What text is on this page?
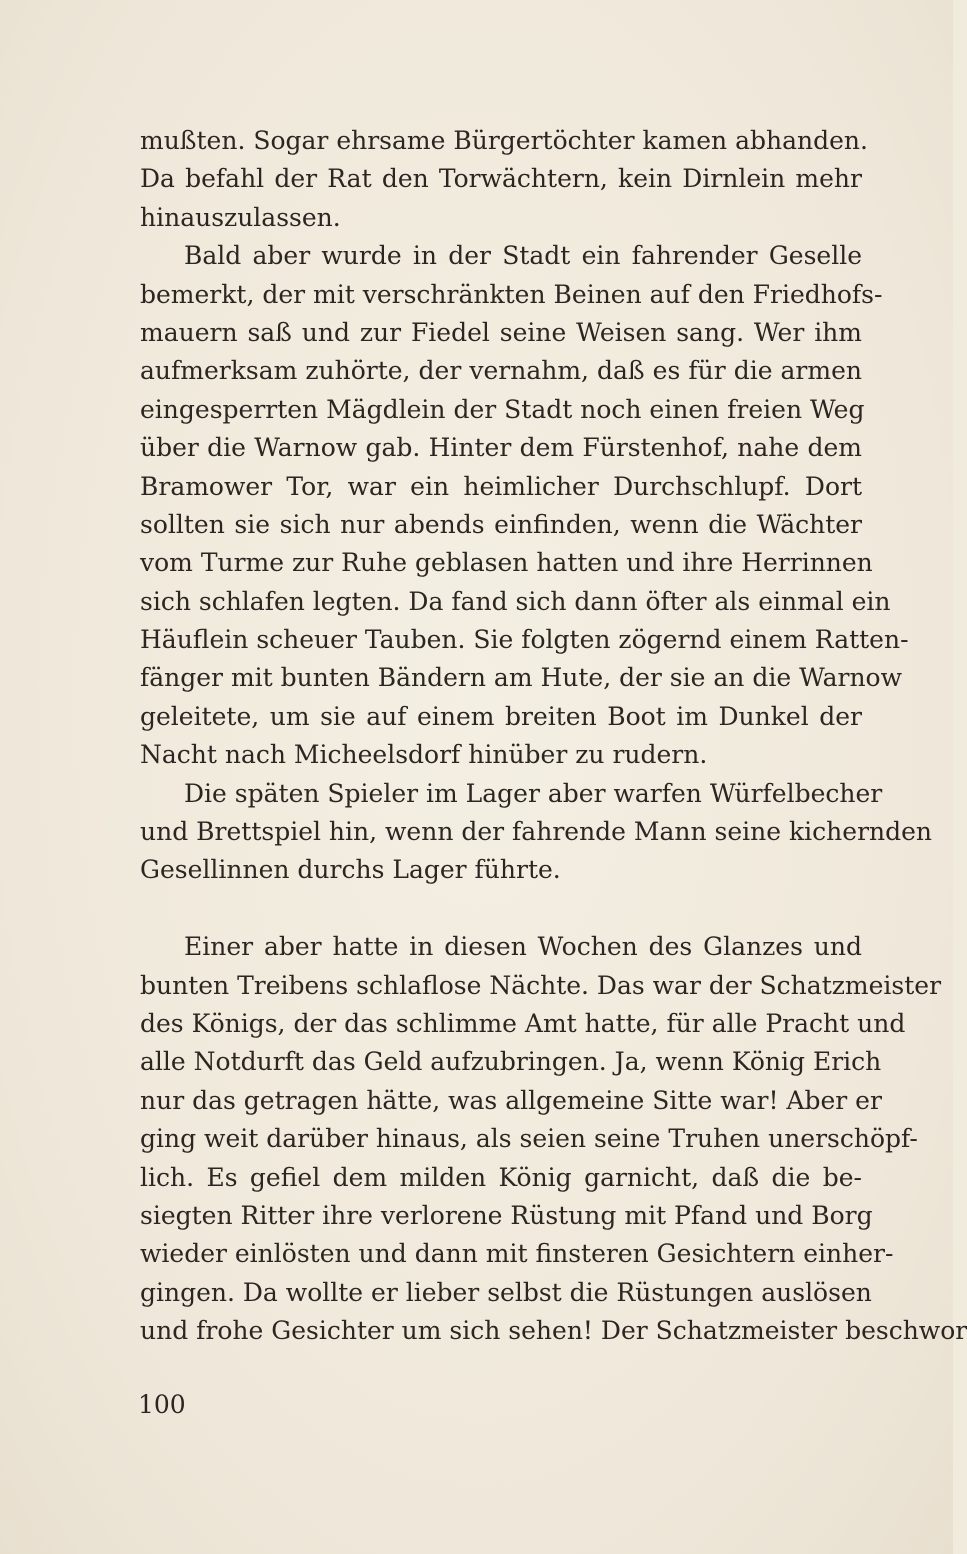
mußten. Sogar ehrsame Bürgertöchter kamen abhanden.
Da befahl der Rat den Torwächtern, kein Dirnlein mehr
hinauszulassen.
Bald aber wurde in der Stadt ein fahrender Geselle
bemerkt, der mit verschränkten Beinen auf den Friedhofs-
mauern saß und zur Fiedel seine Weisen sang. Wer ihm
aufmerksam zuhörte, der vernahm, daß es für die armen
eingesperrten Mägdlein der Stadt noch einen freien Weg
über die Warnow gab. Hinter dem Fürstenhof, nahe dem
Bramower Tor, war ein heimlicher Durchschlupf. Dort
sollten sie sich nur abends einfinden, wenn die Wächter
vom Turme zur Ruhe geblasen hatten und ihre Herrinnen
sich schlafen legten. Da fand sich dann öfter als einmal ein
Häuflein scheuer Tauben. Sie folgten zögernd einem Ratten-
fänger mit bunten Bändern am Hute, der sie an die Warnow
geleitete, um sie auf einem breiten Boot im Dunkel der
Nacht nach Micheelsdorf hinüber zu rudern.
Die späten Spieler im Lager aber warfen Würfelbecher
und Brettspiel hin, wenn der fahrende Mann seine kichernden
Gesellinnen durchs Lager führte.
Einer aber hatte in diesen Wochen des Glanzes und
bunten Treibens schlaflose Nächte. Das war der Schatzmeister
des Königs, der das schlimme Amt hatte, für alle Pracht und
alle Notdurft das Geld aufzubringen. Ja, wenn König Erich
nur das getragen hätte, was allgemeine Sitte war! Aber er
ging weit darüber hinaus, als seien seine Truhen unerschöpf-
lich. Es gefiel dem milden König garnicht, daß die be-
siegten Ritter ihre verlorene Rüstung mit Pfand und Borg
wieder einlösten und dann mit finsteren Gesichtern einher-
gingen. Da wollte er lieber selbst die Rüstungen auslösen
und frohe Gesichter um sich sehen! Der Schatzmeister beschwor
100
